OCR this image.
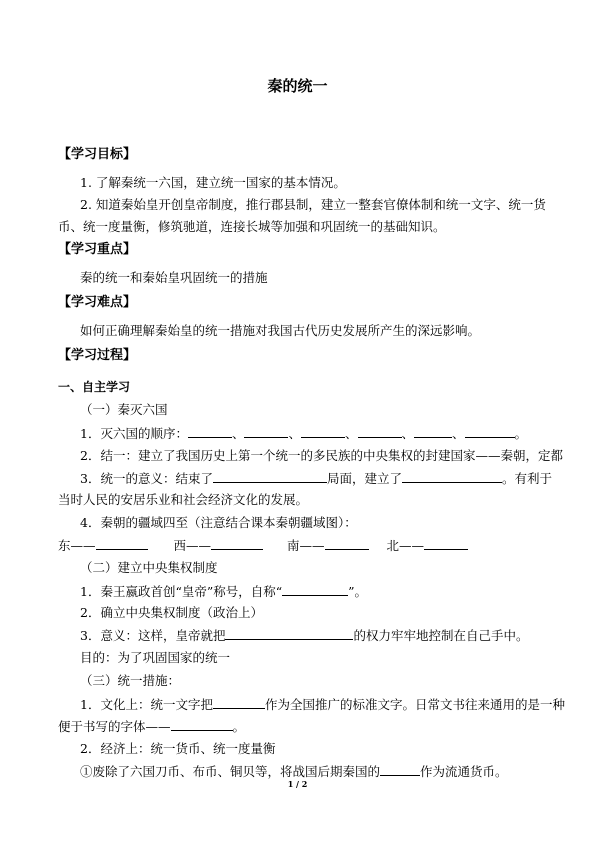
秦的统一
【学习目标】
1. 了解秦统一六国，建立统一国家的基本情况。
2. 知道秦始皇开创皇帝制度，推行郡县制，建立一整套官僚体制和统一文字、统一货
币、统一度量衡，修筑驰道，连接长城等加强和巩固统一的基础知识。
【学习重点】
秦的统一和秦始皇巩固统一的措施
【学习难点】
如何正确理解秦始皇的统一措施对我国古代历史发展所产生的深远影响。
【学习过程】
一、自主学习
（一）秦灭六国
1．灭六国的顺序：	、	、	、	、	、	。
2．结一：建立了我国历史上第一个统一的多民族的中央集权的封建国家——秦朝，定都
3．统一的意义：结束了	局面，建立了	。有利于
当时人民的安居乐业和社会经济文化的发展。
4．秦朝的疆域四至（注意结合课本秦朝疆域图）：
东——	西——	南——	北——
（二）建立中央集权制度
1．秦王嬴政首创“皇帝”称号，自称“	”。
2．确立中央集权制度（政治上）
3．意义：这样，皇帝就把	的权力牢牢地控制在自己手中。
目的：为了巩固国家的统一
（三）统一措施：
1．文化上：统一文字把	作为全国推广的标准文字。日常文书往来通用的是一种
便于书写的字体——	。
2．经济上：统一货币、统一度量衡
①废除了六国刀币、布币、铜贝等，将战国后期秦国的	作为流通货币。
1 / 2
